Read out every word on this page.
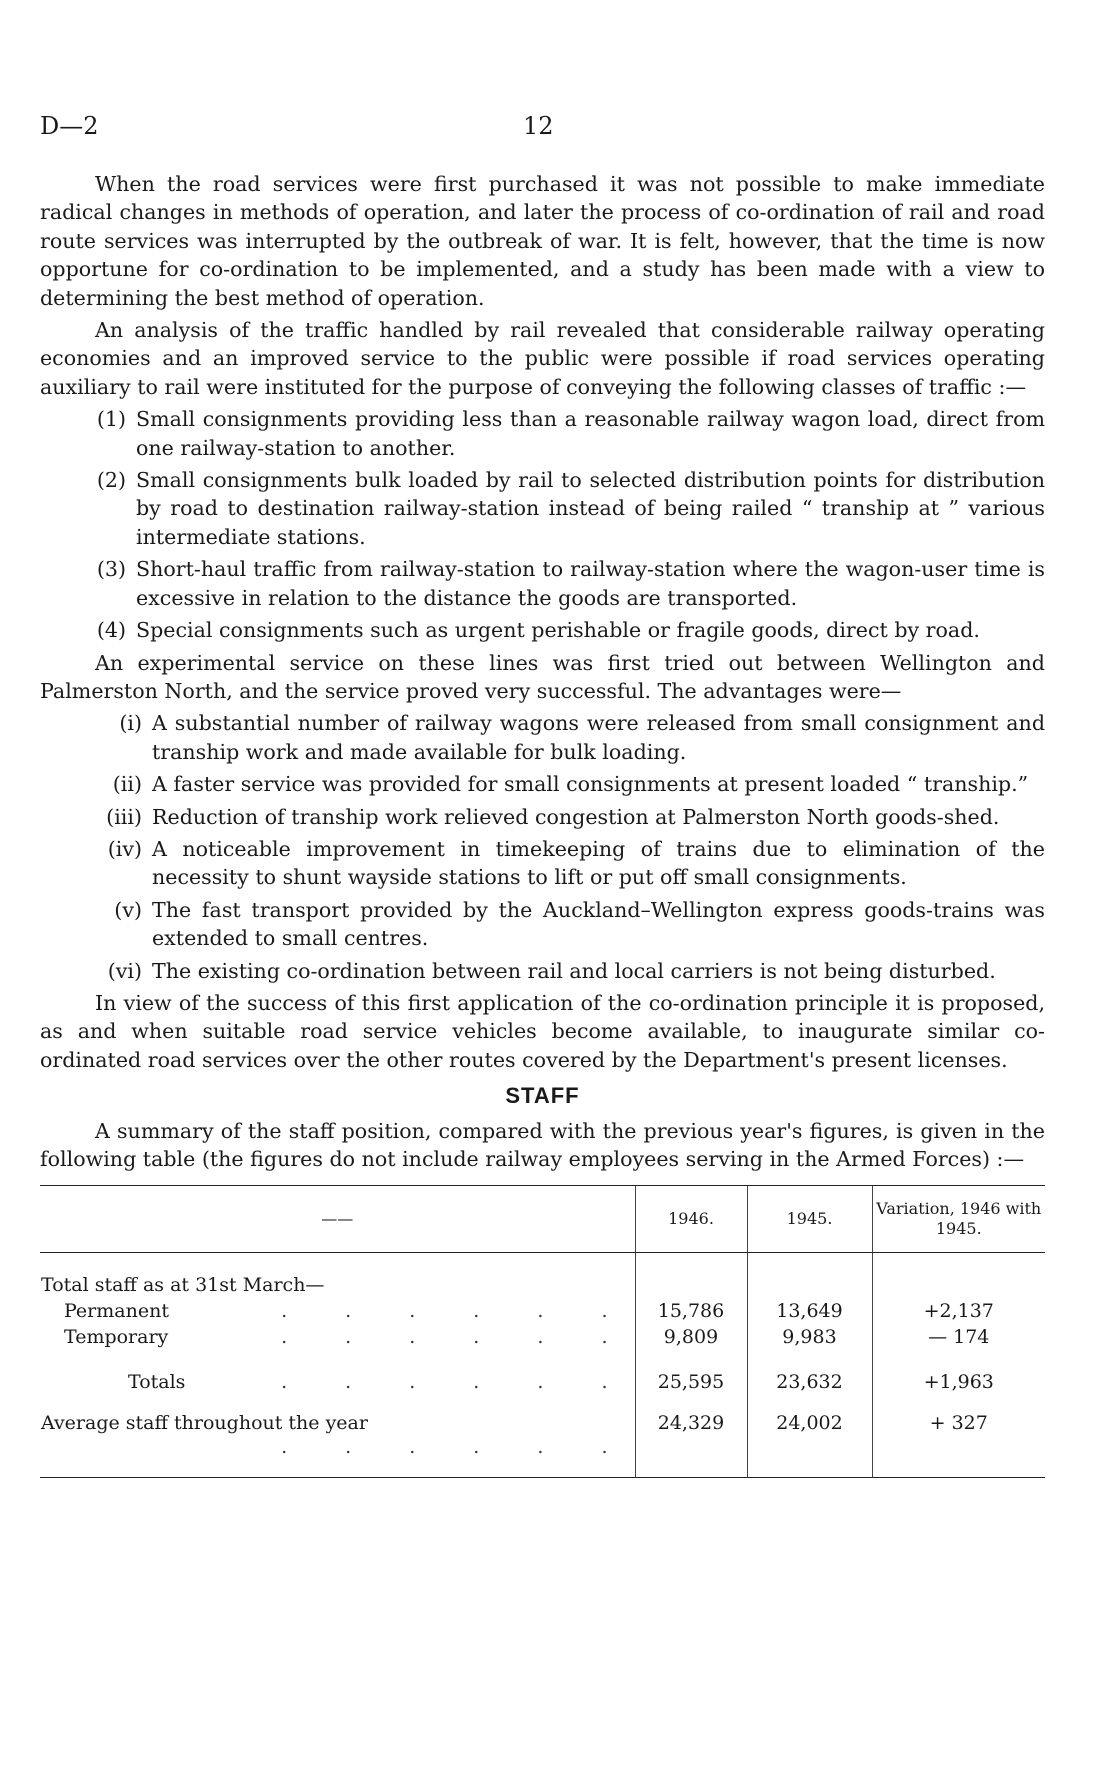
D—2	12

When the road services were first purchased it was not possible to make immediate radical changes in methods of operation, and later the process of co-ordination of rail and road route services was interrupted by the outbreak of war. It is felt, however, that the time is now opportune for co-ordination to be implemented, and a study has been made with a view to determining the best method of operation.

An analysis of the traffic handled by rail revealed that considerable railway operating economies and an improved service to the public were possible if road services operating auxiliary to rail were instituted for the purpose of conveying the following classes of traffic :—

(1) Small consignments providing less than a reasonable railway wagon load, direct from one railway-station to another.
(2) Small consignments bulk loaded by rail to selected distribution points for distribution by road to destination railway-station instead of being railed “ tranship at ” various intermediate stations.
(3) Short-haul traffic from railway-station to railway-station where the wagon-user time is excessive in relation to the distance the goods are transported.
(4) Special consignments such as urgent perishable or fragile goods, direct by road.

An experimental service on these lines was first tried out between Wellington and Palmerston North, and the service proved very successful. The advantages were—

(i) A substantial number of railway wagons were released from small consignment and tranship work and made available for bulk loading.
(ii) A faster service was provided for small consignments at present loaded “ tranship.”
(iii) Reduction of tranship work relieved congestion at Palmerston North goods-shed.
(iv) A noticeable improvement in timekeeping of trains due to elimination of the necessity to shunt wayside stations to lift or put off small consignments.
(v) The fast transport provided by the Auckland–Wellington express goods-trains was extended to small centres.
(vi) The existing co-ordination between rail and local carriers is not being disturbed.

In view of the success of this first application of the co-ordination principle it is proposed, as and when suitable road service vehicles become available, to inaugurate similar co-ordinated road services over the other routes covered by the Department's present licenses.

STAFF

A summary of the staff position, compared with the previous year's figures, is given in the following table (the figures do not include railway employees serving in the Armed Forces) :—

——	1946.	1945.	Variation, 1946 with 1945.
Total staff as at 31st March—			
Permanent . . . . . .	15,786	13,649	+2,137
Temporary . . . . . .	9,809	9,983	— 174
Totals . . . . . .	25,595	23,632	+1,963
Average staff throughout the year
. . . . . .	24,329	24,002	+ 327
